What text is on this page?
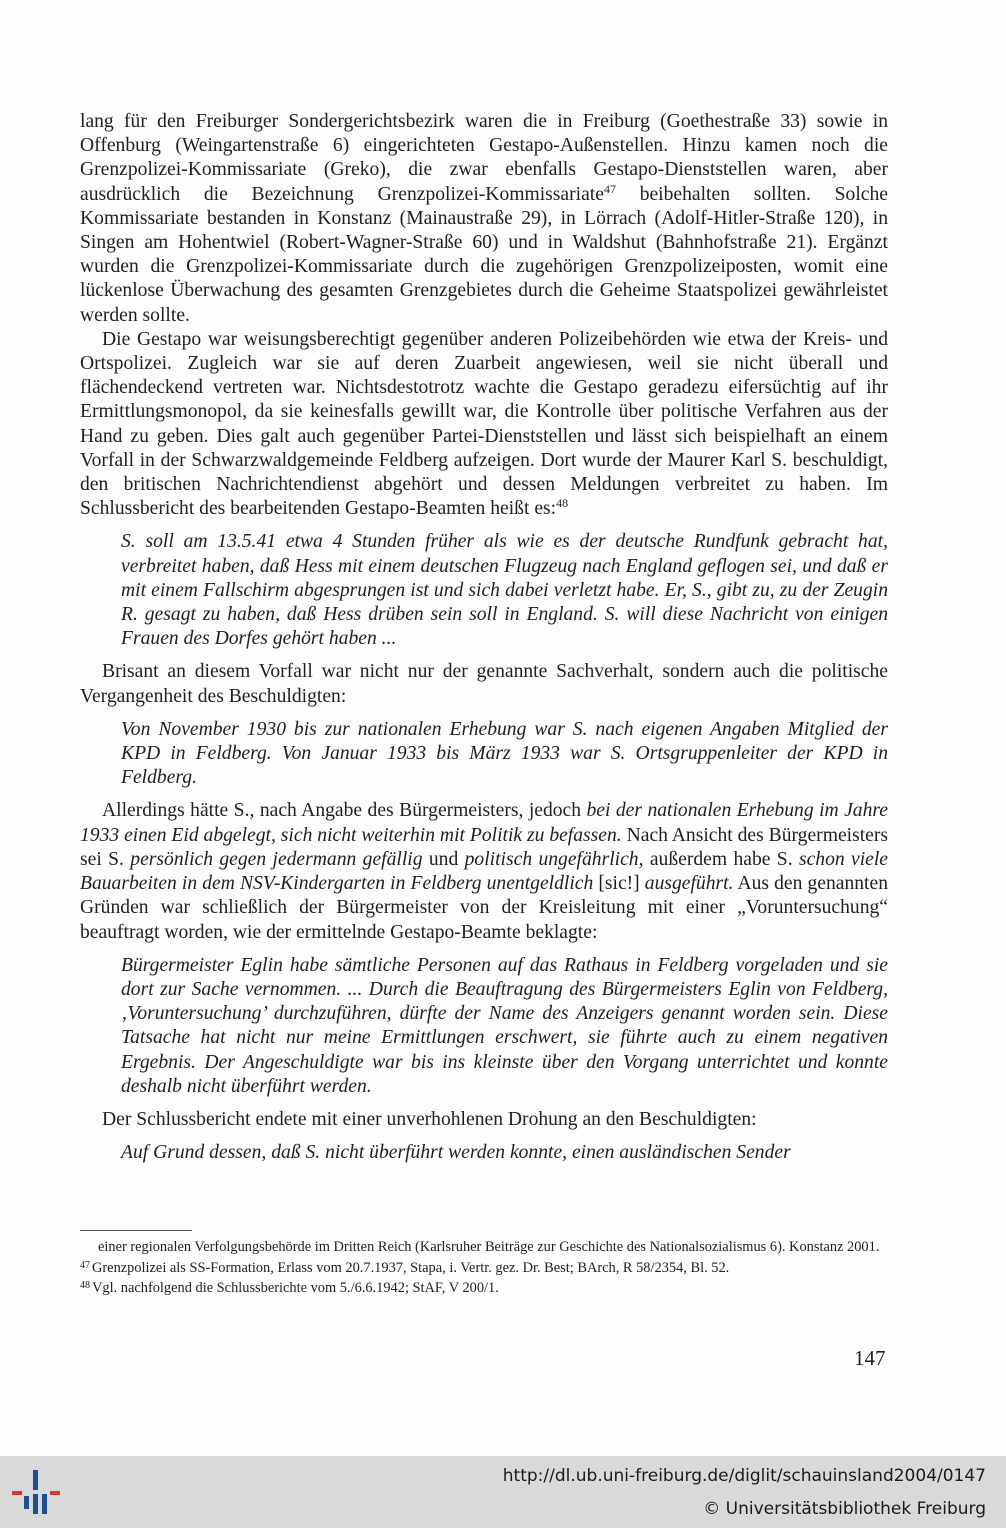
lang für den Freiburger Sondergerichtsbezirk waren die in Freiburg (Goethestraße 33) sowie in Offenburg (Weingartenstraße 6) eingerichteten Gestapo-Außenstellen. Hinzu kamen noch die Grenzpolizei-Kommissariate (Greko), die zwar ebenfalls Gestapo-Dienststellen waren, aber ausdrücklich die Bezeichnung Grenzpolizei-Kommissariate$^{47}$ beibehalten sollten. Solche Kommissariate bestanden in Konstanz (Mainaustraße 29), in Lörrach (Adolf-Hitler-Straße 120), in Singen am Hohentwiel (Robert-Wagner-Straße 60) und in Waldshut (Bahnhofstraße 21). Ergänzt wurden die Grenzpolizei-Kommissariate durch die zugehörigen Grenzpolizeiposten, womit eine lückenlose Überwachung des gesamten Grenzgebietes durch die Geheime Staatspolizei gewährleistet werden sollte.

Die Gestapo war weisungsberechtigt gegenüber anderen Polizeibehörden wie etwa der Kreis- und Ortspolizei. Zugleich war sie auf deren Zuarbeit angewiesen, weil sie nicht überall und flächendeckend vertreten war. Nichtsdestotrotz wachte die Gestapo geradezu eifersüchtig auf ihr Ermittlungsmonopol, da sie keinesfalls gewillt war, die Kontrolle über politische Verfahren aus der Hand zu geben. Dies galt auch gegenüber Partei-Dienststellen und lässt sich beispielhaft an einem Vorfall in der Schwarzwaldgemeinde Feldberg aufzeigen. Dort wurde der Maurer Karl S. beschuldigt, den britischen Nachrichtendienst abgehört und dessen Meldungen verbreitet zu haben. Im Schlussbericht des bearbeitenden Gestapo-Beamten heißt es:$^{48}$

S. soll am 13.5.41 etwa 4 Stunden früher als wie es der deutsche Rundfunk gebracht hat, verbreitet haben, daß Hess mit einem deutschen Flugzeug nach England geflogen sei, und daß er mit einem Fallschirm abgesprungen ist und sich dabei verletzt habe. Er, S., gibt zu, zu der Zeugin R. gesagt zu haben, daß Hess drüben sein soll in England. S. will diese Nachricht von einigen Frauen des Dorfes gehört haben ...

Brisant an diesem Vorfall war nicht nur der genannte Sachverhalt, sondern auch die politische Vergangenheit des Beschuldigten:

Von November 1930 bis zur nationalen Erhebung war S. nach eigenen Angaben Mitglied der KPD in Feldberg. Von Januar 1933 bis März 1933 war S. Ortsgruppenleiter der KPD in Feldberg.

Allerdings hätte S., nach Angabe des Bürgermeisters, jedoch bei der nationalen Erhebung im Jahre 1933 einen Eid abgelegt, sich nicht weiterhin mit Politik zu befassen. Nach Ansicht des Bürgermeisters sei S. persönlich gegen jedermann gefällig und politisch ungefährlich, außerdem habe S. schon viele Bauarbeiten in dem NSV-Kindergarten in Feldberg unentgeldlich [sic!] ausgeführt. Aus den genannten Gründen war schließlich der Bürgermeister von der Kreisleitung mit einer „Voruntersuchung“ beauftragt worden, wie der ermittelnde Gestapo-Beamte beklagte:

Bürgermeister Eglin habe sämtliche Personen auf das Rathaus in Feldberg vorgeladen und sie dort zur Sache vernommen. ... Durch die Beauftragung des Bürgermeisters Eglin von Feldberg, ‚Voruntersuchung’ durchzuführen, dürfte der Name des Anzeigers genannt worden sein. Diese Tatsache hat nicht nur meine Ermittlungen erschwert, sie führte auch zu einem negativen Ergebnis. Der Angeschuldigte war bis ins kleinste über den Vorgang unterrichtet und konnte deshalb nicht überführt werden.

Der Schlussbericht endete mit einer unverhohlenen Drohung an den Beschuldigten:

Auf Grund dessen, daß S. nicht überführt werden konnte, einen ausländischen Sender

einer regionalen Verfolgungsbehörde im Dritten Reich (Karlsruher Beiträge zur Geschichte des Nationalsozialismus 6). Konstanz 2001.

$^{47}$ Grenzpolizei als SS-Formation, Erlass vom 20.7.1937, Stapa, i. Vertr. gez. Dr. Best; BArch, R 58/2354, Bl. 52.

$^{48}$ Vgl. nachfolgend die Schlussberichte vom 5./6.6.1942; StAF, V 200/1.

147
http://dl.ub.uni-freiburg.de/diglit/schauinsland2004/0147
© Universitätsbibliothek Freiburg
